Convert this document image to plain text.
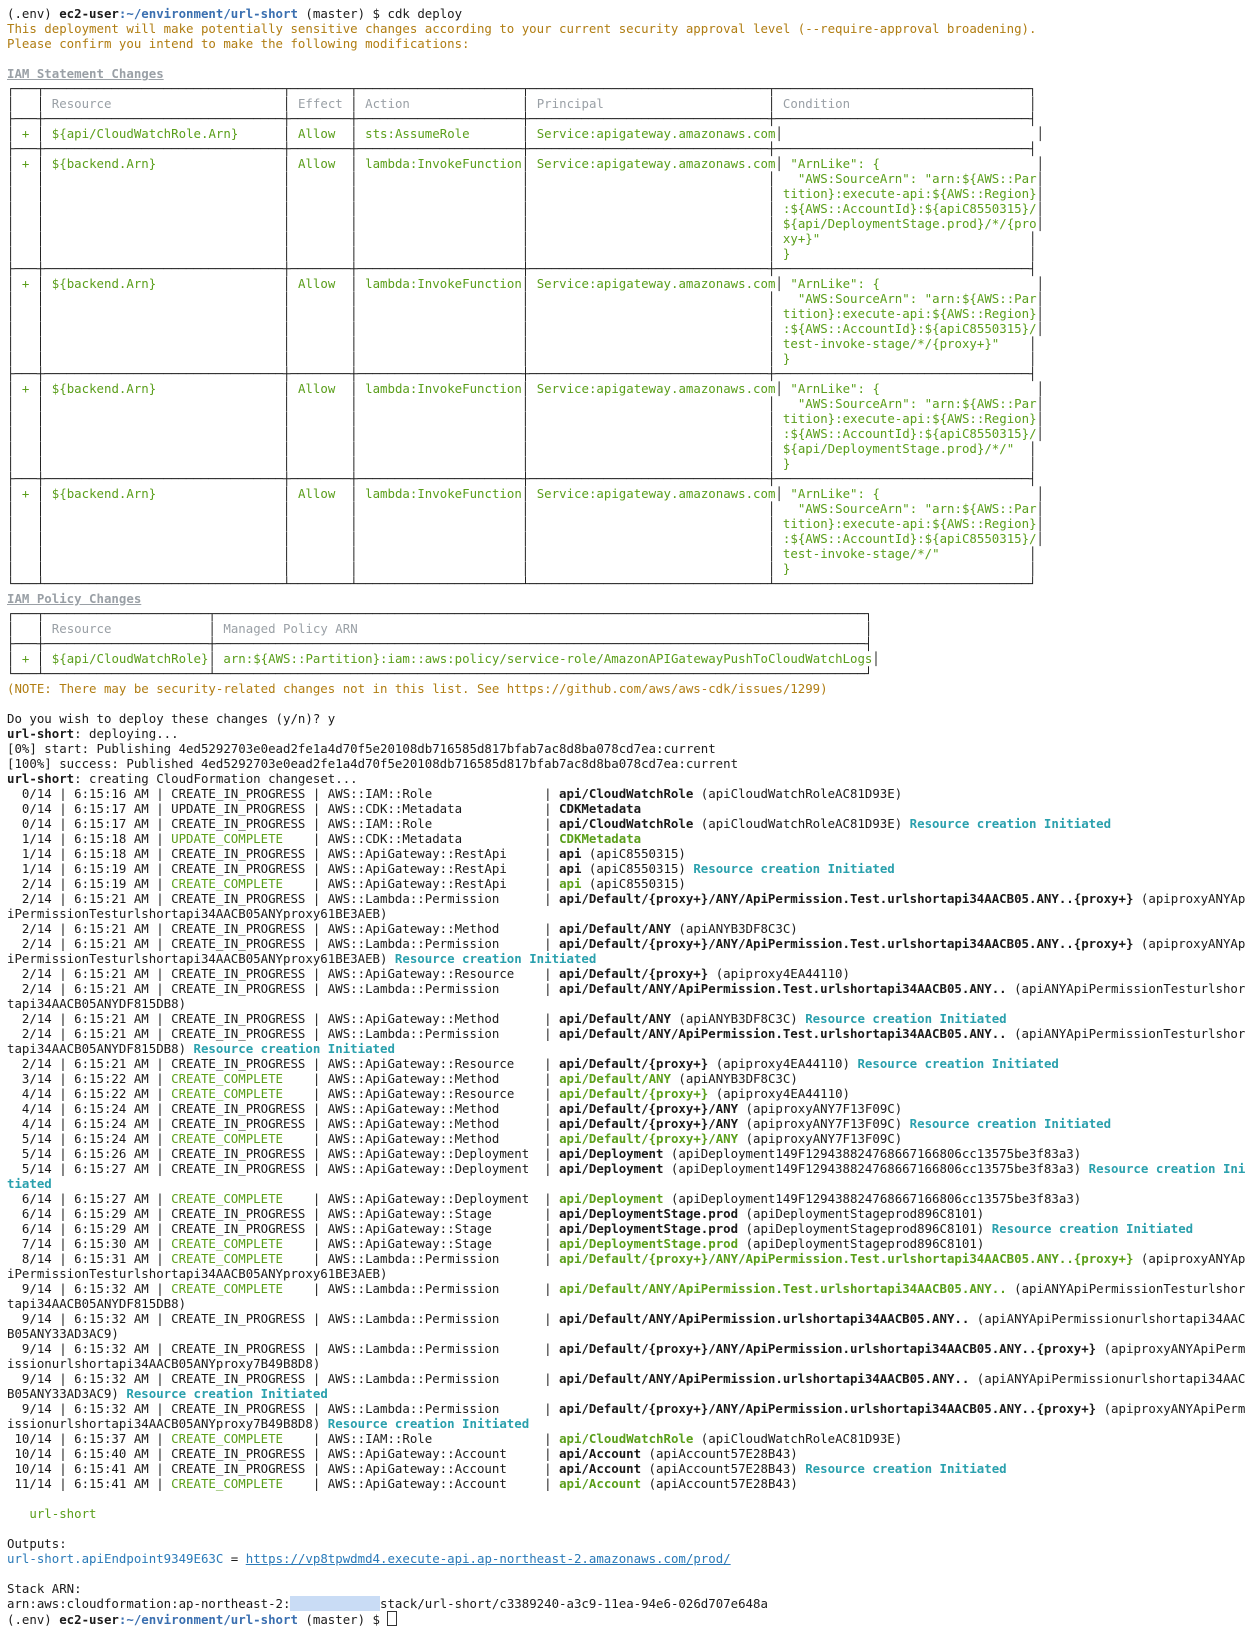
(.env) ec2-user:~/environment/url-short (master) $ cdk deploy
This deployment will make potentially sensitive changes according to your current security approval level (--require-approval broadening).
Please confirm you intend to make the following modifications:
IAM Statement Changes
┌───┬────────────────────────────────┬────────┬──────────────────────┬────────────────────────────────┬──────────────────────────────────┐
│ │ Resource                       │ Effect │ Action               │ Principal                      │ Condition                        │
├───┼────────────────────────────────┼────────┼──────────────────────┼────────────────────────────────┼──────────────────────────────────┤
│ + │ ${api/CloudWatchRole.Arn}      │ Allow  │ sts:AssumeRole       │ Service:apigateway.amazonaws.com│	│
├───┼────────────────────────────────┼────────┼──────────────────────┼────────────────────────────────┼──────────────────────────────────┤
│ + │ ${backend.Arn}                 │ Allow  │ lambda:InvokeFunction│ Service:apigateway.amazonaws.com│ "ArnLike": {                     │
│ │	│	│	│	│   "AWS:SourceArn": "arn:${AWS::Par│
│ │	│	│	│	│ tition}:execute-api:${AWS::Region}│
│ │	│	│	│	│ :${AWS::AccountId}:${apiC8550315}/│
│ │	│	│	│	│ ${api/DeploymentStage.prod}/*/{pro│
│ │	│	│	│	│ xy+}"                            │
│ │	│	│	│	│ }                                │
├───┼────────────────────────────────┼────────┼──────────────────────┼────────────────────────────────┼──────────────────────────────────┤
│ + │ ${backend.Arn}                 │ Allow  │ lambda:InvokeFunction│ Service:apigateway.amazonaws.com│ "ArnLike": {                     │
│ │	│	│	│	│   "AWS:SourceArn": "arn:${AWS::Par│
│ │	│	│	│	│ tition}:execute-api:${AWS::Region}│
│ │	│	│	│	│ :${AWS::AccountId}:${apiC8550315}/│
│ │	│	│	│	│ test-invoke-stage/*/{proxy+}"    │
│ │	│	│	│	│ }                                │
├───┼────────────────────────────────┼────────┼──────────────────────┼────────────────────────────────┼──────────────────────────────────┤
│ + │ ${backend.Arn}                 │ Allow  │ lambda:InvokeFunction│ Service:apigateway.amazonaws.com│ "ArnLike": {                     │
│ │	│	│	│	│   "AWS:SourceArn": "arn:${AWS::Par│
│ │	│	│	│	│ tition}:execute-api:${AWS::Region}│
│ │	│	│	│	│ :${AWS::AccountId}:${apiC8550315}/│
│ │	│	│	│	│ ${api/DeploymentStage.prod}/*/"  │
│ │	│	│	│	│ }                                │
├───┼────────────────────────────────┼────────┼──────────────────────┼────────────────────────────────┼──────────────────────────────────┤
│ + │ ${backend.Arn}                 │ Allow  │ lambda:InvokeFunction│ Service:apigateway.amazonaws.com│ "ArnLike": {                     │
│ │	│	│	│	│   "AWS:SourceArn": "arn:${AWS::Par│
│ │	│	│	│	│ tition}:execute-api:${AWS::Region}│
│ │	│	│	│	│ :${AWS::AccountId}:${apiC8550315}/│
│ │	│	│	│	│ test-invoke-stage/*/"            │
│ │	│	│	│	│ }                                │
└───┴────────────────────────────────┴────────┴──────────────────────┴────────────────────────────────┴──────────────────────────────────┘
IAM Policy Changes
┌───┬──────────────────────┬───────────────────────────────────────────────────────────────────────────────────────┐
│ │ Resource             │ Managed Policy ARN                                                                    │
├───┼──────────────────────┼───────────────────────────────────────────────────────────────────────────────────────┤
│ + │ ${api/CloudWatchRole}│ arn:${AWS::Partition}:iam::aws:policy/service-role/AmazonAPIGatewayPushToCloudWatchLogs│
└───┴──────────────────────┴───────────────────────────────────────────────────────────────────────────────────────┘
(NOTE: There may be security-related changes not in this list. See https://github.com/aws/aws-cdk/issues/1299)
Do you wish to deploy these changes (y/n)? y
url-short: deploying...
[0%] start: Publishing 4ed5292703e0ead2fe1a4d70f5e20108db716585d817bfab7ac8d8ba078cd7ea:current
[100%] success: Published 4ed5292703e0ead2fe1a4d70f5e20108db716585d817bfab7ac8d8ba078cd7ea:current
url-short: creating CloudFormation changeset...
0/14 | 6:15:16 AM | CREATE_IN_PROGRESS | AWS::IAM::Role               | api/CloudWatchRole (apiCloudWatchRoleAC81D93E)
0/14 | 6:15:17 AM | UPDATE_IN_PROGRESS | AWS::CDK::Metadata           | CDKMetadata
0/14 | 6:15:17 AM | CREATE_IN_PROGRESS | AWS::IAM::Role               | api/CloudWatchRole (apiCloudWatchRoleAC81D93E) Resource creation Initiated
1/14 | 6:15:18 AM | UPDATE_COMPLETE    | AWS::CDK::Metadata           | CDKMetadata
1/14 | 6:15:18 AM | CREATE_IN_PROGRESS | AWS::ApiGateway::RestApi     | api (apiC8550315)
1/14 | 6:15:19 AM | CREATE_IN_PROGRESS | AWS::ApiGateway::RestApi     | api (apiC8550315) Resource creation Initiated
2/14 | 6:15:19 AM | CREATE_COMPLETE    | AWS::ApiGateway::RestApi     | api (apiC8550315)
2/14 | 6:15:21 AM | CREATE_IN_PROGRESS | AWS::Lambda::Permission      | api/Default/{proxy+}/ANY/ApiPermission.Test.urlshortapi34AACB05.ANY..{proxy+} (apiproxyANYAp
iPermissionTesturlshortapi34AACB05ANYproxy61BE3AEB)
2/14 | 6:15:21 AM | CREATE_IN_PROGRESS | AWS::ApiGateway::Method      | api/Default/ANY (apiANYB3DF8C3C)
2/14 | 6:15:21 AM | CREATE_IN_PROGRESS | AWS::Lambda::Permission      | api/Default/{proxy+}/ANY/ApiPermission.Test.urlshortapi34AACB05.ANY..{proxy+} (apiproxyANYAp
iPermissionTesturlshortapi34AACB05ANYproxy61BE3AEB) Resource creation Initiated
2/14 | 6:15:21 AM | CREATE_IN_PROGRESS | AWS::ApiGateway::Resource    | api/Default/{proxy+} (apiproxy4EA44110)
2/14 | 6:15:21 AM | CREATE_IN_PROGRESS | AWS::Lambda::Permission      | api/Default/ANY/ApiPermission.Test.urlshortapi34AACB05.ANY.. (apiANYApiPermissionTesturlshor
tapi34AACB05ANYDF815DB8)
2/14 | 6:15:21 AM | CREATE_IN_PROGRESS | AWS::ApiGateway::Method      | api/Default/ANY (apiANYB3DF8C3C) Resource creation Initiated
2/14 | 6:15:21 AM | CREATE_IN_PROGRESS | AWS::Lambda::Permission      | api/Default/ANY/ApiPermission.Test.urlshortapi34AACB05.ANY.. (apiANYApiPermissionTesturlshor
tapi34AACB05ANYDF815DB8) Resource creation Initiated
2/14 | 6:15:21 AM | CREATE_IN_PROGRESS | AWS::ApiGateway::Resource    | api/Default/{proxy+} (apiproxy4EA44110) Resource creation Initiated
3/14 | 6:15:22 AM | CREATE_COMPLETE    | AWS::ApiGateway::Method      | api/Default/ANY (apiANYB3DF8C3C)
4/14 | 6:15:22 AM | CREATE_COMPLETE    | AWS::ApiGateway::Resource    | api/Default/{proxy+} (apiproxy4EA44110)
4/14 | 6:15:24 AM | CREATE_IN_PROGRESS | AWS::ApiGateway::Method      | api/Default/{proxy+}/ANY (apiproxyANY7F13F09C)
4/14 | 6:15:24 AM | CREATE_IN_PROGRESS | AWS::ApiGateway::Method      | api/Default/{proxy+}/ANY (apiproxyANY7F13F09C) Resource creation Initiated
5/14 | 6:15:24 AM | CREATE_COMPLETE    | AWS::ApiGateway::Method      | api/Default/{proxy+}/ANY (apiproxyANY7F13F09C)
5/14 | 6:15:26 AM | CREATE_IN_PROGRESS | AWS::ApiGateway::Deployment  | api/Deployment (apiDeployment149F129438824768667166806cc13575be3f83a3)
5/14 | 6:15:27 AM | CREATE_IN_PROGRESS | AWS::ApiGateway::Deployment  | api/Deployment (apiDeployment149F129438824768667166806cc13575be3f83a3) Resource creation Ini
tiated
6/14 | 6:15:27 AM | CREATE_COMPLETE    | AWS::ApiGateway::Deployment  | api/Deployment (apiDeployment149F129438824768667166806cc13575be3f83a3)
6/14 | 6:15:29 AM | CREATE_IN_PROGRESS | AWS::ApiGateway::Stage       | api/DeploymentStage.prod (apiDeploymentStageprod896C8101)
6/14 | 6:15:29 AM | CREATE_IN_PROGRESS | AWS::ApiGateway::Stage       | api/DeploymentStage.prod (apiDeploymentStageprod896C8101) Resource creation Initiated
7/14 | 6:15:30 AM | CREATE_COMPLETE    | AWS::ApiGateway::Stage       | api/DeploymentStage.prod (apiDeploymentStageprod896C8101)
8/14 | 6:15:31 AM | CREATE_COMPLETE    | AWS::Lambda::Permission      | api/Default/{proxy+}/ANY/ApiPermission.Test.urlshortapi34AACB05.ANY..{proxy+} (apiproxyANYAp
iPermissionTesturlshortapi34AACB05ANYproxy61BE3AEB)
9/14 | 6:15:32 AM | CREATE_COMPLETE    | AWS::Lambda::Permission      | api/Default/ANY/ApiPermission.Test.urlshortapi34AACB05.ANY.. (apiANYApiPermissionTesturlshor
tapi34AACB05ANYDF815DB8)
9/14 | 6:15:32 AM | CREATE_IN_PROGRESS | AWS::Lambda::Permission      | api/Default/ANY/ApiPermission.urlshortapi34AACB05.ANY.. (apiANYApiPermissionurlshortapi34AAC
B05ANY33AD3AC9)
9/14 | 6:15:32 AM | CREATE_IN_PROGRESS | AWS::Lambda::Permission      | api/Default/{proxy+}/ANY/ApiPermission.urlshortapi34AACB05.ANY..{proxy+} (apiproxyANYApiPerm
issionurlshortapi34AACB05ANYproxy7B49B8D8)
9/14 | 6:15:32 AM | CREATE_IN_PROGRESS | AWS::Lambda::Permission      | api/Default/ANY/ApiPermission.urlshortapi34AACB05.ANY.. (apiANYApiPermissionurlshortapi34AAC
B05ANY33AD3AC9) Resource creation Initiated
9/14 | 6:15:32 AM | CREATE_IN_PROGRESS | AWS::Lambda::Permission      | api/Default/{proxy+}/ANY/ApiPermission.urlshortapi34AACB05.ANY..{proxy+} (apiproxyANYApiPerm
issionurlshortapi34AACB05ANYproxy7B49B8D8) Resource creation Initiated
10/14 | 6:15:37 AM | CREATE_COMPLETE    | AWS::IAM::Role               | api/CloudWatchRole (apiCloudWatchRoleAC81D93E)
10/14 | 6:15:40 AM | CREATE_IN_PROGRESS | AWS::ApiGateway::Account     | api/Account (apiAccount57E28B43)
10/14 | 6:15:41 AM | CREATE_IN_PROGRESS | AWS::ApiGateway::Account     | api/Account (apiAccount57E28B43) Resource creation Initiated
11/14 | 6:15:41 AM | CREATE_COMPLETE    | AWS::ApiGateway::Account     | api/Account (apiAccount57E28B43)
url-short
Outputs:
url-short.apiEndpoint9349E63C = https://vp8tpwdmd4.execute-api.ap-northeast-2.amazonaws.com/prod/
Stack ARN:
arn:aws:cloudformation:ap-northeast-2:	stack/url-short/c3389240-a3c9-11ea-94e6-026d707e648a
(.env) ec2-user:~/environment/url-short (master) $
